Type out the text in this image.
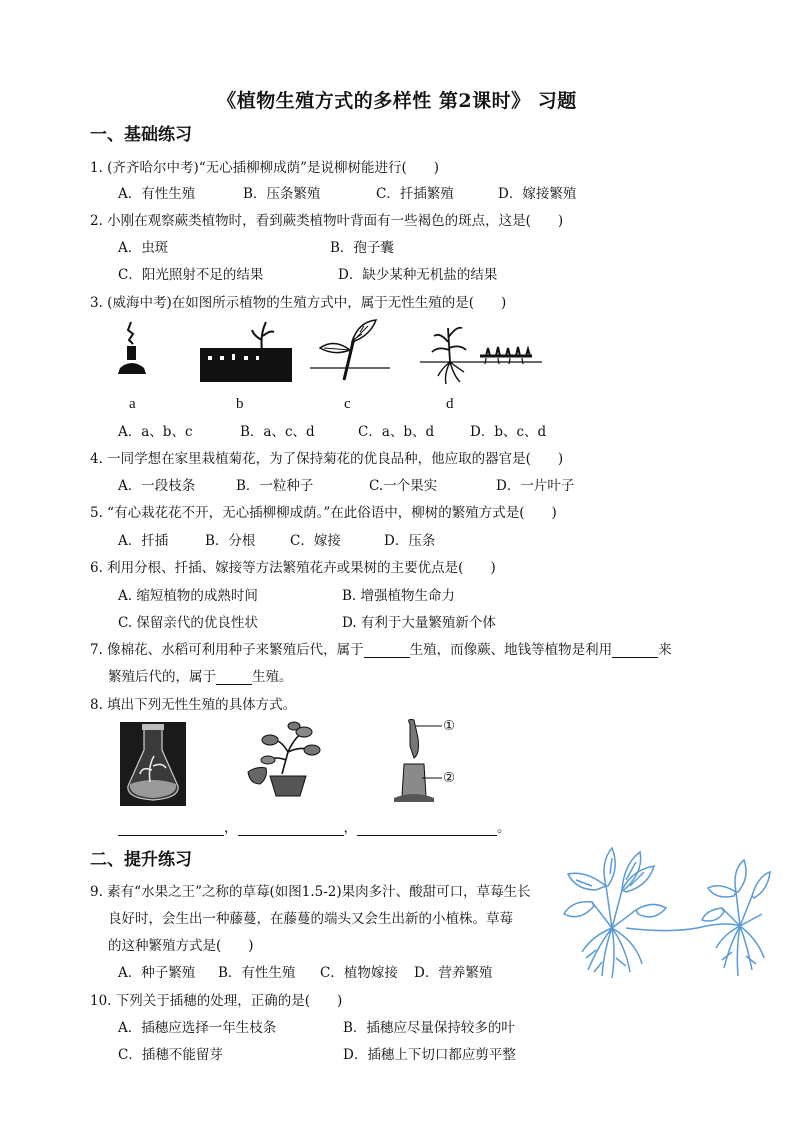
《植物生殖方式的多样性 第2课时》 习题
一、基础练习
1. (齐齐哈尔中考)“无心插柳柳成荫”是说柳树能进行(　　)
A．有性生殖	B．压条繁殖	C．扦插繁殖	D．嫁接繁殖
2. 小刚在观察蕨类植物时，看到蕨类植物叶背面有一些褐色的斑点，这是(　　)
A．虫斑	B．孢子囊
C．阳光照射不足的结果	D．缺少某种无机盐的结果
3. (威海中考)在如图所示植物的生殖方式中，属于无性生殖的是(　　)
a	b	c	d
A．a、b、c	B．a、c、d	C．a、b、d	D．b、c、d
4. 一同学想在家里栽植菊花，为了保持菊花的优良品种，他应取的器官是(　　)
A．一段枝条	B．一粒种子	C.一个果实	D．一片叶子
5. “有心栽花花不开，无心插柳柳成荫。”在此俗语中，柳树的繁殖方式是(　　)
A．扦插	B．分根	C．嫁接	D．压条
6. 利用分根、扦插、嫁接等方法繁殖花卉或果树的主要优点是(　　)
A. 缩短植物的成熟时间	B. 增强植物生命力
C. 保留亲代的优良性状	D. 有利于大量繁殖新个体
7. 像棉花、水稻可利用种子来繁殖后代，属于	生殖，而像蕨、地钱等植物是利用	来
繁殖后代的，属于	生殖。
8. 填出下列无性生殖的具体方式。
①
②
，	，	。
二、提升练习
9. 素有“水果之王”之称的草莓(如图1.5-2)果肉多汁、酸甜可口，草莓生长
良好时，会生出一种藤蔓，在藤蔓的端头又会生出新的小植株。草莓
的这种繁殖方式是(　　)
A．种子繁殖 B．有性生殖 C．植物嫁接 D．营养繁殖
10. 下列关于插穗的处理，正确的是(　　)
A．插穗应选择一年生枝条	B．插穗应尽量保持较多的叶
C．插穗不能留芽	D．插穗上下切口都应剪平整
